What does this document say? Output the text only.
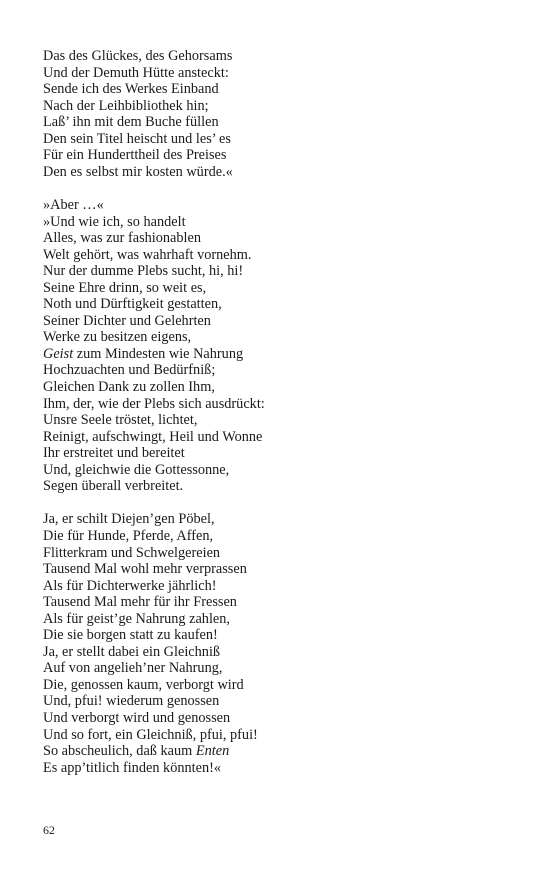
Das des Glückes, des Gehorsams
Und der Demuth Hütte ansteckt:
Sende ich des Werkes Einband
Nach der Leihbibliothek hin;
Laß’ ihn mit dem Buche füllen
Den sein Titel heischt und les’ es
Für ein Hunderttheil des Preises
Den es selbst mir kosten würde.«
»Aber …«
»Und wie ich, so handelt
Alles, was zur fashionablen
Welt gehört, was wahrhaft vornehm.
Nur der dumme Plebs sucht, hi, hi!
Seine Ehre drinn, so weit es,
Noth und Dürftigkeit gestatten,
Seiner Dichter und Gelehrten
Werke zu besitzen eigens,
Geist zum Mindesten wie Nahrung
Hochzuachten und Bedürfniß;
Gleichen Dank zu zollen Ihm,
Ihm, der, wie der Plebs sich ausdrückt:
Unsre Seele tröstet, lichtet,
Reinigt, aufschwingt, Heil und Wonne
Ihr erstreitet und bereitet
Und, gleichwie die Gottessonne,
Segen überall verbreitet.
Ja, er schilt Diejen’gen Pöbel,
Die für Hunde, Pferde, Affen,
Flitterkram und Schwelgereien
Tausend Mal wohl mehr verprassen
Als für Dichterwerke jährlich!
Tausend Mal mehr für ihr Fressen
Als für geist’ge Nahrung zahlen,
Die sie borgen statt zu kaufen!
Ja, er stellt dabei ein Gleichniß
Auf von angelieh’ner Nahrung,
Die, genossen kaum, verborgt wird
Und, pfui! wiederum genossen
Und verborgt wird und genossen
Und so fort, ein Gleichniß, pfui, pfui!
So abscheulich, daß kaum Enten
Es app’titlich finden könnten!«
62
